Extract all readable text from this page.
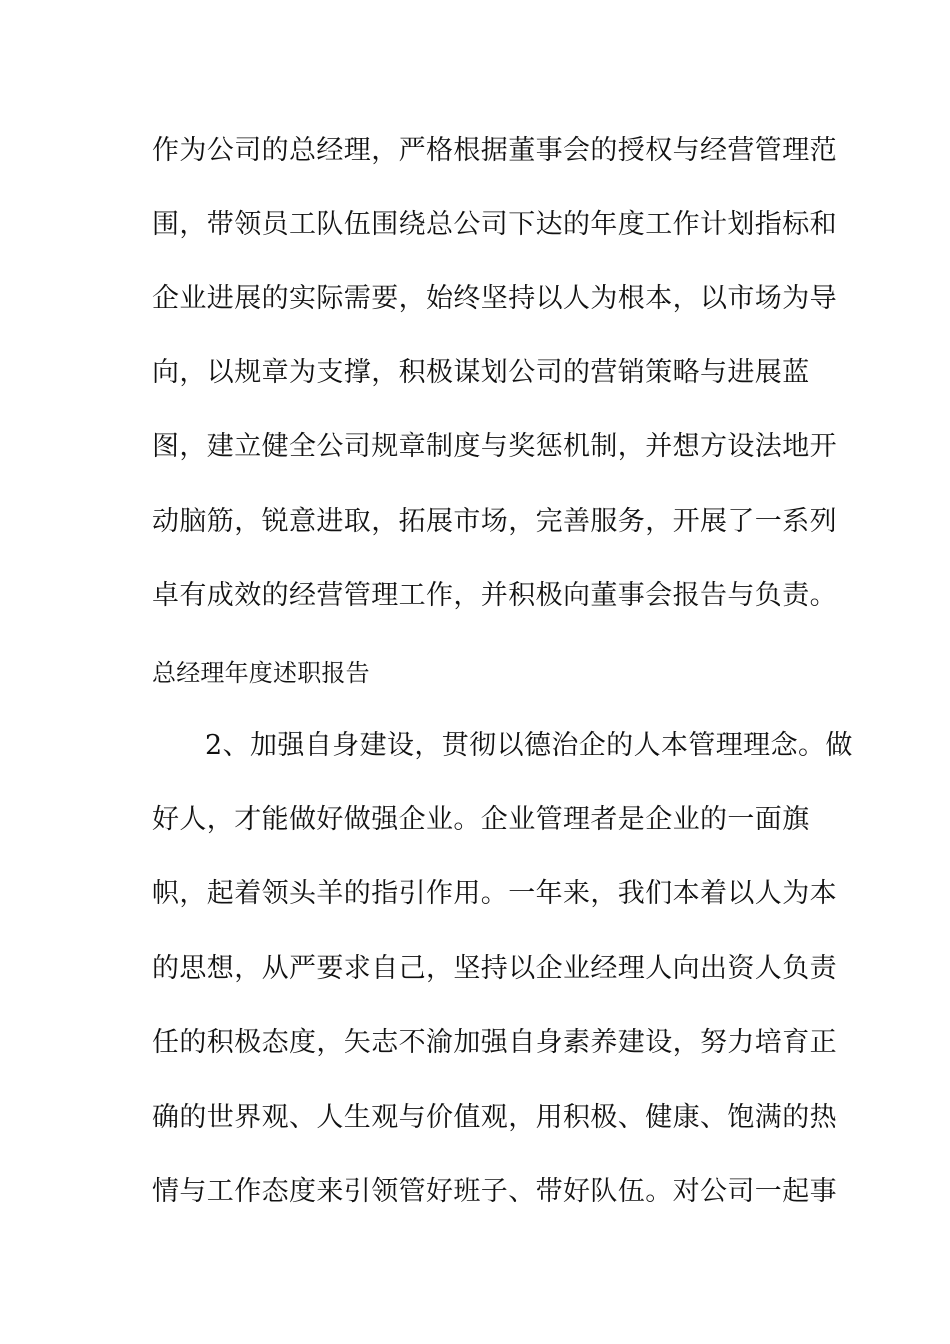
作为公司的总经理，严格根据董事会的授权与经营管理范
围，带领员工队伍围绕总公司下达的年度工作计划指标和
企业进展的实际需要，始终坚持以人为根本，以市场为导
向，以规章为支撑，积极谋划公司的营销策略与进展蓝
图，建立健全公司规章制度与奖惩机制，并想方设法地开
动脑筋，锐意进取，拓展市场，完善服务，开展了一系列
卓有成效的经营管理工作，并积极向董事会报告与负责。
总经理年度述职报告
2、加强自身建设，贯彻以德治企的人本管理理念。做
好人，才能做好做强企业。企业管理者是企业的一面旗
帜，起着领头羊的指引作用。一年来，我们本着以人为本
的思想，从严要求自己，坚持以企业经理人向出资人负责
任的积极态度，矢志不渝加强自身素养建设，努力培育正
确的世界观、人生观与价值观，用积极、健康、饱满的热
情与工作态度来引领管好班子、带好队伍。对公司一起事
